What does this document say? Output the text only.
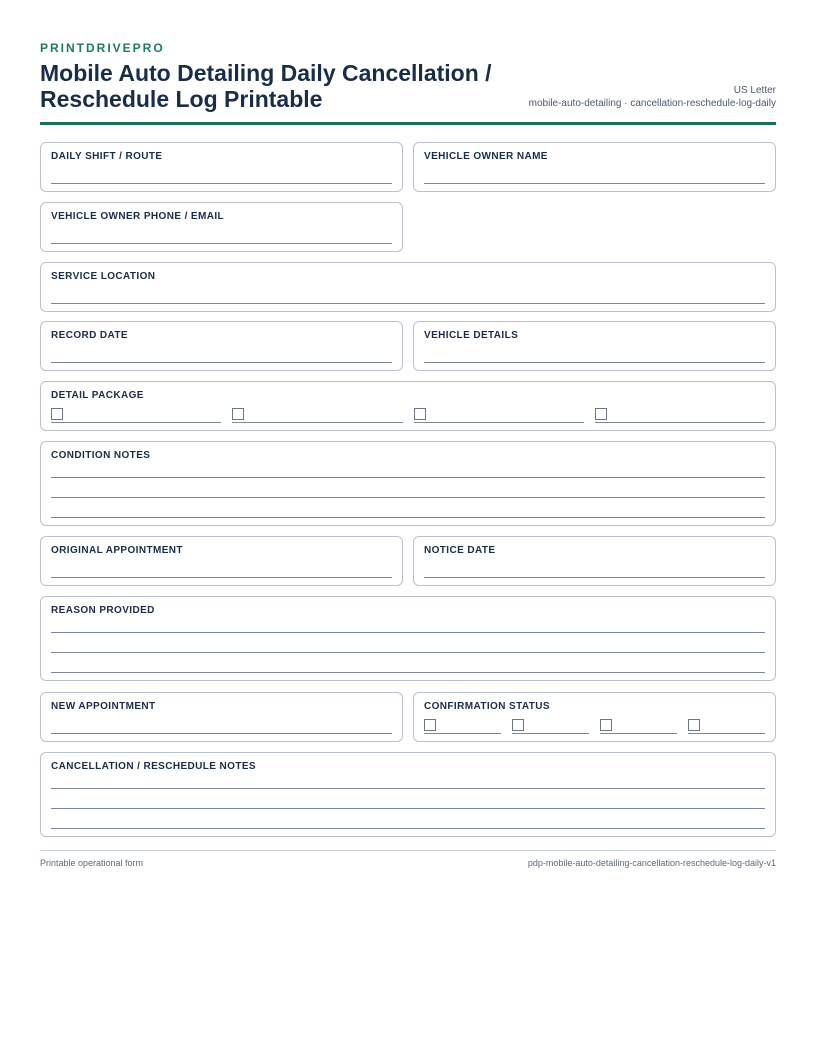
PRINTDRIVEPRO
Mobile Auto Detailing Daily Cancellation / Reschedule Log Printable	US Letter
mobile-auto-detailing · cancellation-reschedule-log-daily
DAILY SHIFT / ROUTE	VEHICLE OWNER NAME
VEHICLE OWNER PHONE / EMAIL
SERVICE LOCATION
RECORD DATE	VEHICLE DETAILS
DETAIL PACKAGE
CONDITION NOTES
ORIGINAL APPOINTMENT	NOTICE DATE
REASON PROVIDED
NEW APPOINTMENT	CONFIRMATION STATUS
CANCELLATION / RESCHEDULE NOTES
Printable operational form	pdp-mobile-auto-detailing-cancellation-reschedule-log-daily-v1
